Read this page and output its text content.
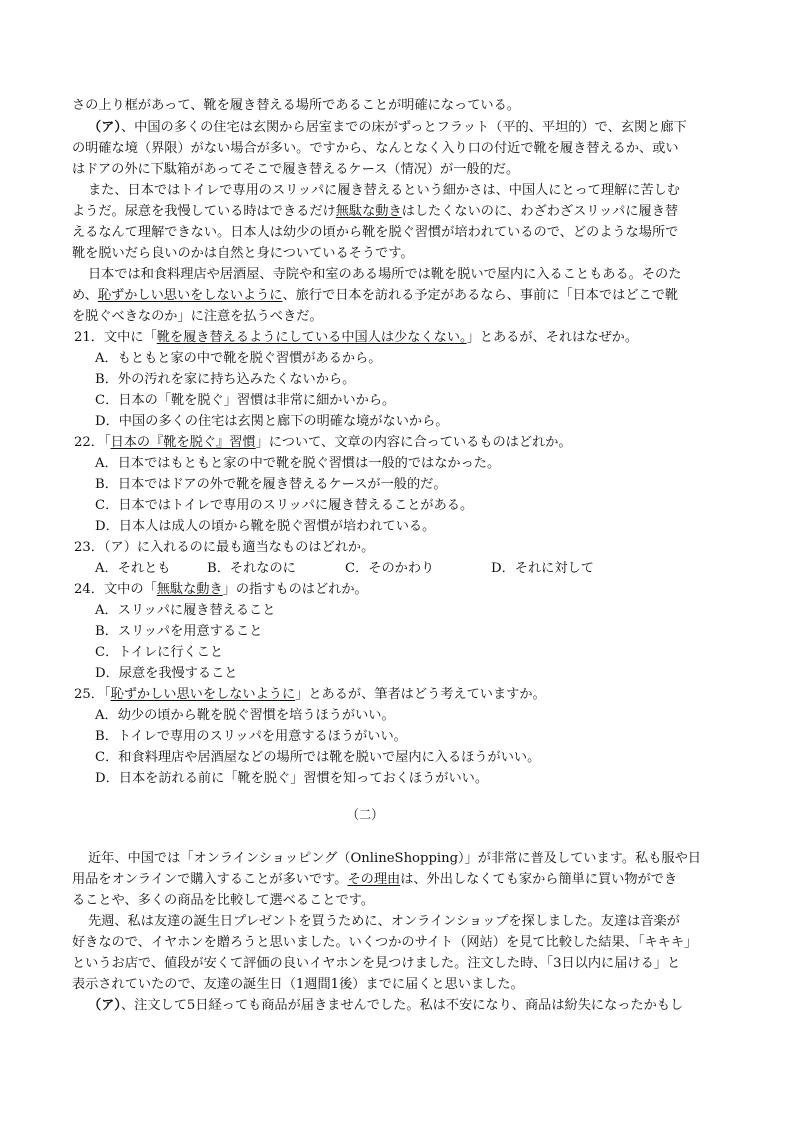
さの上り框があって、靴を履き替える場所であることが明確になっている。
（ア）、中国の多くの住宅は玄関から居室までの床がずっとフラット（平的、平坦的）で、玄関と廊下
の明確な境（界限）がない場合が多い。ですから、なんとなく入り口の付近で靴を履き替えるか、或い
はドアの外に下駄箱があってそこで履き替えるケース（情况）が一般的だ。
また、日本ではトイレで専用のスリッパに履き替えるという細かさは、中国人にとって理解に苦しむ
ようだ。尿意を我慢している時はできるだけ無駄な動きはしたくないのに、わざわざスリッパに履き替
えるなんて理解できない。日本人は幼少の頃から靴を脱ぐ習慣が培われているので、どのような場所で
靴を脱いだら良いのかは自然と身についているそうです。
日本では和食料理店や居酒屋、寺院や和室のある場所では靴を脱いで屋内に入ることもある。そのた
め、恥ずかしい思いをしないように、旅行で日本を訪れる予定があるなら、事前に「日本ではどこで靴
を脱ぐべきなのか」に注意を払うべきだ。
21．文中に「靴を履き替えるようにしている中国人は少なくない。」とあるが、それはなぜか。
A．もともと家の中で靴を脱ぐ習慣があるから。
B．外の汚れを家に持ち込みたくないから。
C．日本の「靴を脱ぐ」習慣は非常に細かいから。
D．中国の多くの住宅は玄関と廊下の明確な境がないから。
22．「日本の『靴を脱ぐ』習慣」について、文章の内容に合っているものはどれか。
A．日本ではもともと家の中で靴を脱ぐ習慣は一般的ではなかった。
B．日本ではドアの外で靴を履き替えるケースが一般的だ。
C．日本ではトイレで専用のスリッパに履き替えることがある。
D．日本人は成人の頃から靴を脱ぐ習慣が培われている。
23．（ア）に入れるのに最も適当なものはどれか。
A．それとも	B．それなのに	C．そのかわり	D．それに対して
24．文中の「無駄な動き」の指すものはどれか。
A．スリッパに履き替えること
B．スリッパを用意すること
C．トイレに行くこと
D．尿意を我慢すること
25．「恥ずかしい思いをしないように」とあるが、筆者はどう考えていますか。
A．幼少の頃から靴を脱ぐ習慣を培うほうがいい。
B．トイレで専用のスリッパを用意するほうがいい。
C．和食料理店や居酒屋などの場所では靴を脱いで屋内に入るほうがいい。
D．日本を訪れる前に「靴を脱ぐ」習慣を知っておくほうがいい。
（二）
近年、中国では「オンラインショッピング（OnlineShopping）」が非常に普及しています。私も服や日
用品をオンラインで購入することが多いです。その理由は、外出しなくても家から簡単に買い物ができ
ることや、多くの商品を比較して選べることです。
先週、私は友達の誕生日プレゼントを買うために、オンラインショップを探しました。友達は音楽が
好きなので、イヤホンを贈ろうと思いました。いくつかのサイト（网站）を見て比較した結果、「キキキ」
というお店で、値段が安くて評価の良いイヤホンを見つけました。注文した時、「3日以内に届ける」と
表示されていたので、友達の誕生日（1週間1後）までに届くと思いました。
（ア）、注文して5日経っても商品が届きませんでした。私は不安になり、商品は紛失になったかもし
